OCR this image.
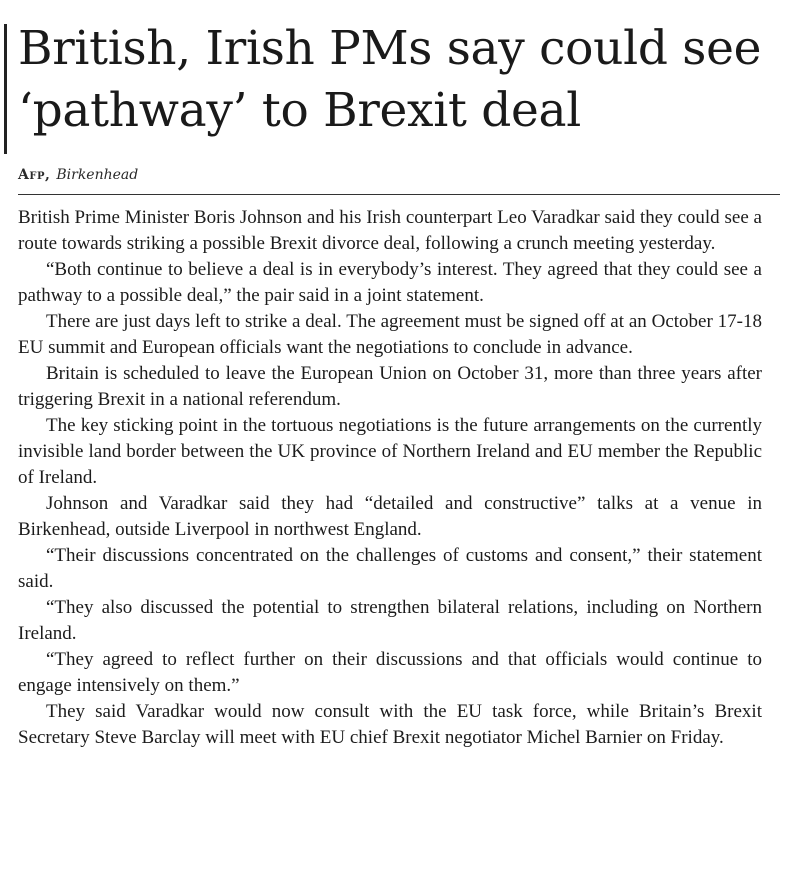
British, Irish PMs say could see ‘pathway’ to Brexit deal
Afp, Birkenhead

British Prime Minister Boris Johnson and his Irish counterpart Leo Varadkar said they could see a route towards striking a possible Brexit divorce deal, following a crunch meeting yesterday.

“Both continue to believe a deal is in everybody’s interest. They agreed that they could see a pathway to a possible deal,” the pair said in a joint statement.

There are just days left to strike a deal. The agreement must be signed off at an October 17-18 EU summit and European officials want the negotiations to conclude in advance.

Britain is scheduled to leave the European Union on October 31, more than three years after triggering Brexit in a national referendum.

The key sticking point in the tortuous negotiations is the future arrangements on the currently invisible land border between the UK province of Northern Ireland and EU member the Republic of Ireland.

Johnson and Varadkar said they had “detailed and constructive” talks at a venue in Birkenhead, outside Liverpool in northwest England.

“Their discussions concentrated on the challenges of customs and consent,” their statement said.

“They also discussed the potential to strengthen bilateral relations, including on Northern Ireland.

“They agreed to reflect further on their discussions and that officials would continue to engage intensively on them.”

They said Varadkar would now consult with the EU task force, while Britain’s Brexit Secretary Steve Barclay will meet with EU chief Brexit negotiator Michel Barnier on Friday.
